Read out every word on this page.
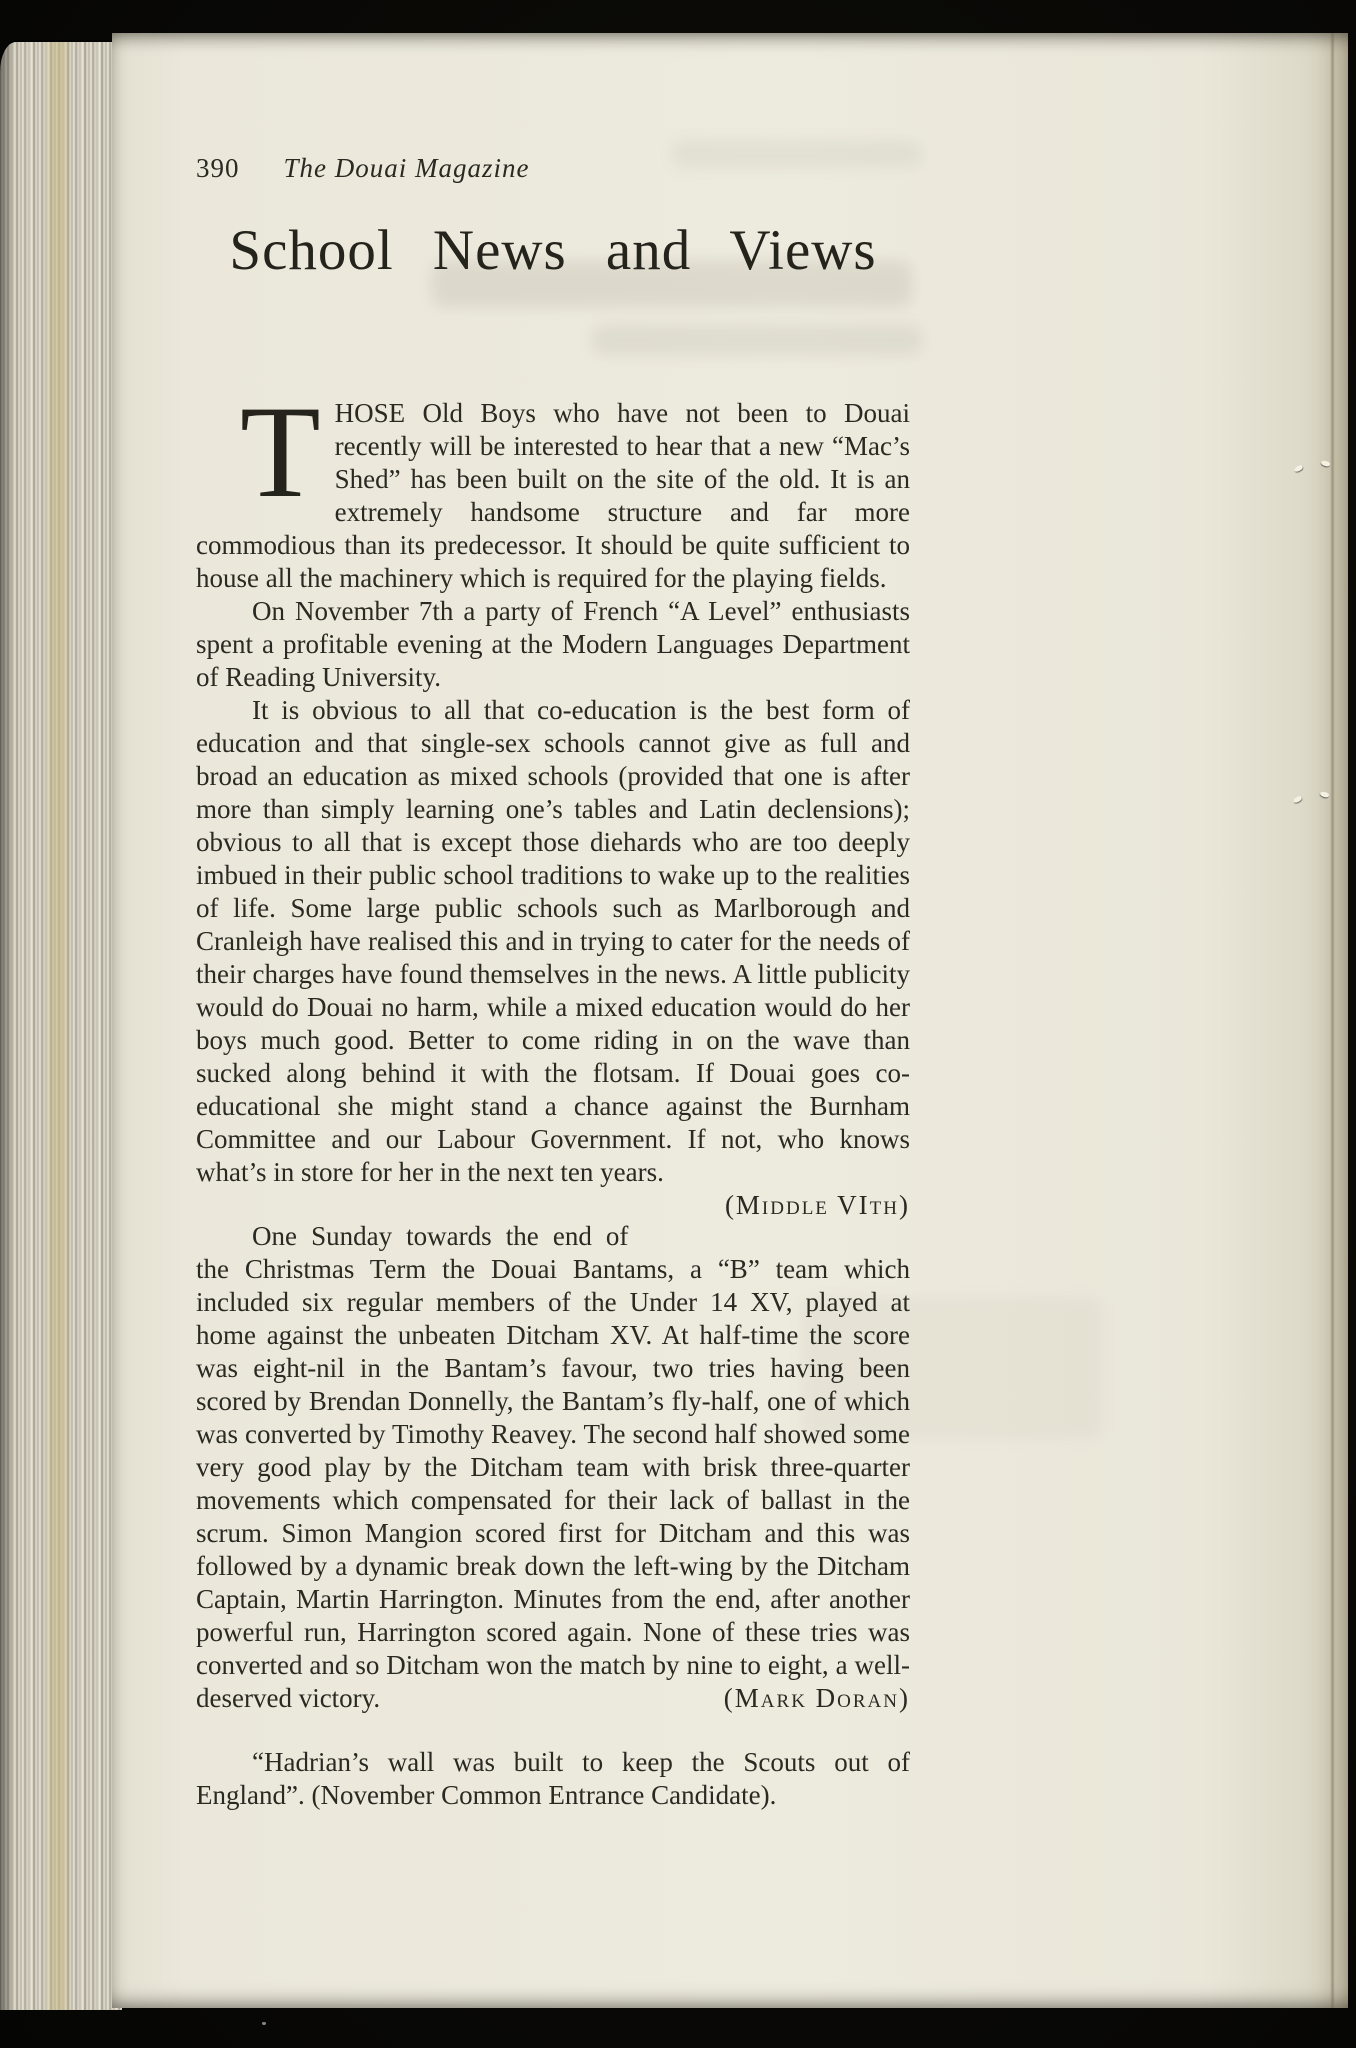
390 The Douai Magazine
School News and Views

THOSE Old Boys who have not been to Douai recently will be interested to hear that a new “Mac’s Shed” has been built on the site of the old. It is an extremely handsome structure and far more commodious than its predecessor. It should be quite sufficient to house all the machinery which is required for the playing fields.

On November 7th a party of French “A Level” enthusiasts spent a profitable evening at the Modern Languages Department of Reading University.

It is obvious to all that co-education is the best form of education and that single-sex schools cannot give as full and broad an education as mixed schools (provided that one is after more than simply learning one’s tables and Latin declensions); obvious to all that is except those diehards who are too deeply imbued in their public school traditions to wake up to the realities of life. Some large public schools such as Marlborough and Cranleigh have realised this and in trying to cater for the needs of their charges have found themselves in the news. A little publicity would do Douai no harm, while a mixed education would do her boys much good. Better to come riding in on the wave than sucked along behind it with the flotsam. If Douai goes co-educational she might stand a chance against the Burnham Committee and our Labour Government. If not, who knows what’s in store for her in the next ten years.
(Middle VIth)

One Sunday towards the end of the Christmas Term the Douai Bantams, a “B” team which included six regular members of the Under 14 XV, played at home against the unbeaten Ditcham XV. At half-time the score was eight-nil in the Bantam’s favour, two tries having been scored by Brendan Donnelly, the Bantam’s fly-half, one of which was converted by Timothy Reavey. The second half showed some very good play by the Ditcham team with brisk three-quarter movements which compensated for their lack of ballast in the scrum. Simon Mangion scored first for Ditcham and this was followed by a dynamic break down the left-wing by the Ditcham Captain, Martin Harrington. Minutes from the end, after another powerful run, Harrington scored again. None of these tries was converted and so Ditcham won the match by nine to eight, a well-deserved victory.	(Mark Doran)

“Hadrian’s wall was built to keep the Scouts out of England”. (November Common Entrance Candidate).
